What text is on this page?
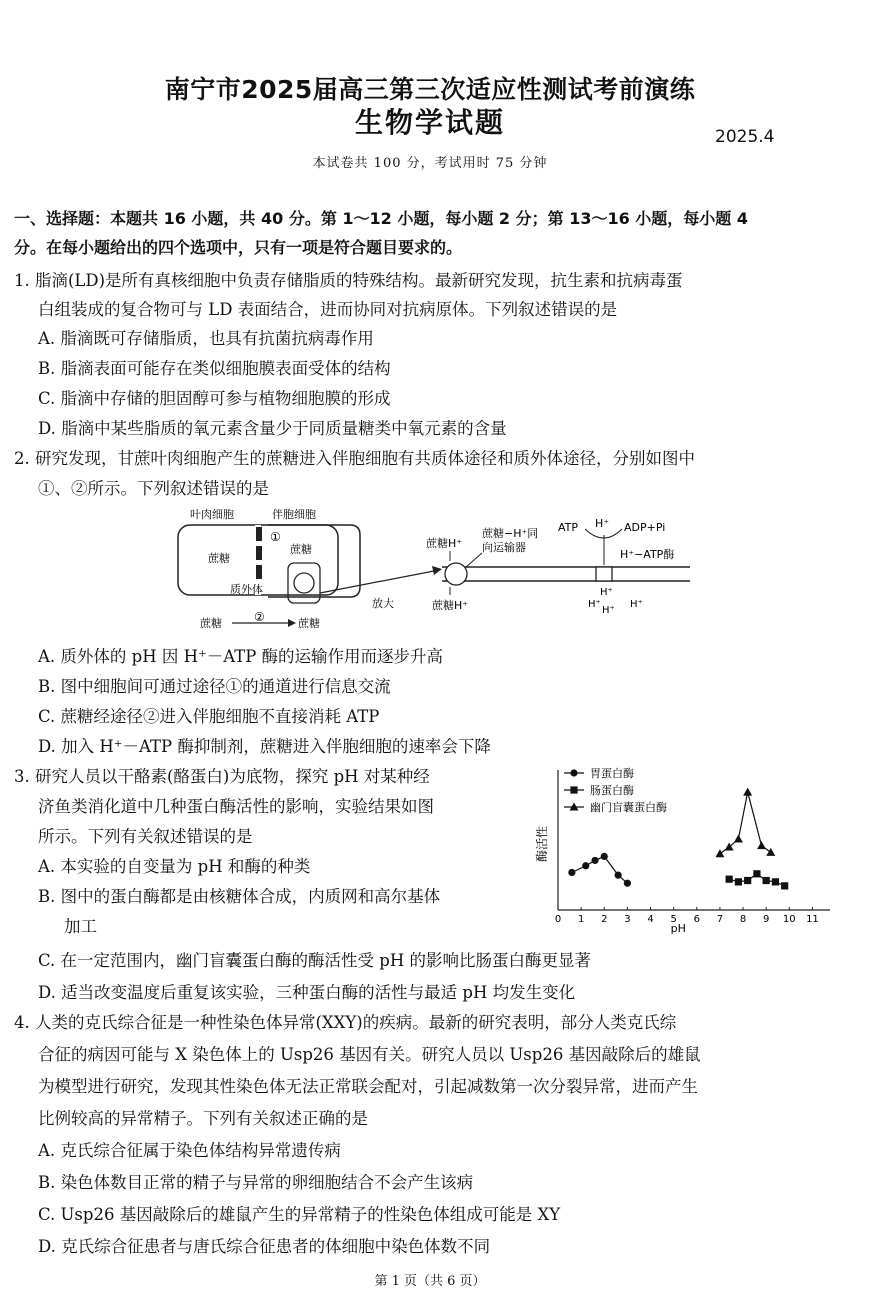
南宁市2025届高三第三次适应性测试考前演练
生物学试题	2025.4
本试卷共 100 分，考试用时 75 分钟
一、选择题：本题共 16 小题，共 40 分。第 1～12 小题，每小题 2 分；第 13～16 小题，每小题 4
分。在每小题给出的四个选项中，只有一项是符合题目要求的。
1. 脂滴(LD)是所有真核细胞中负责存储脂质的特殊结构。最新研究发现，抗生素和抗病毒蛋
白组装成的复合物可与 LD 表面结合，进而协同对抗病原体。下列叙述错误的是
A. 脂滴既可存储脂质，也具有抗菌抗病毒作用
B. 脂滴表面可能存在类似细胞膜表面受体的结构
C. 脂滴中存储的胆固醇可参与植物细胞膜的形成
D. 脂滴中某些脂质的氧元素含量少于同质量糖类中氧元素的含量
2. 研究发现，甘蔗叶肉细胞产生的蔗糖进入伴胞细胞有共质体途径和质外体途径，分别如图中
①、②所示。下列叙述错误的是
叶肉细胞	伴胞细胞
①
蔗糖
蔗糖
质外体
蔗糖	②	蔗糖
放大
蔗糖H⁺
蔗糖H⁺
蔗糖−H⁺同
向运输器
ATP H⁺ ADP+Pi
H⁺−ATP酶
H⁺
H⁺
H⁺
H⁺
A. 质外体的 pH 因 H⁺－ATP 酶的运输作用而逐步升高
B. 图中细胞间可通过途径①的通道进行信息交流
C. 蔗糖经途径②进入伴胞细胞不直接消耗 ATP
D. 加入 H⁺－ATP 酶抑制剂，蔗糖进入伴胞细胞的速率会下降
3. 研究人员以干酪素(酪蛋白)为底物，探究 pH 对某种经
济鱼类消化道中几种蛋白酶活性的影响，实验结果如图
所示。下列有关叙述错误的是
A. 本实验的自变量为 pH 和酶的种类
B. 图中的蛋白酶都是由核糖体合成，内质网和高尔基体
加工
C. 在一定范围内，幽门盲囊蛋白酶的酶活性受 pH 的影响比肠蛋白酶更显著
D. 适当改变温度后重复该实验，三种蛋白酶的活性与最适 pH 均发生变化
酶活性
pH
0 1 2 3 4 5 6 7 8 9 10 11
胃蛋白酶
肠蛋白酶
幽门盲囊蛋白酶
4. 人类的克氏综合征是一种性染色体异常(XXY)的疾病。最新的研究表明，部分人类克氏综
合征的病因可能与 X 染色体上的 Usp26 基因有关。研究人员以 Usp26 基因敲除后的雄鼠
为模型进行研究，发现其性染色体无法正常联会配对，引起减数第一次分裂异常，进而产生
比例较高的异常精子。下列有关叙述正确的是
A. 克氏综合征属于染色体结构异常遗传病
B. 染色体数目正常的精子与异常的卵细胞结合不会产生该病
C. Usp26 基因敲除后的雄鼠产生的异常精子的性染色体组成可能是 XY
D. 克氏综合征患者与唐氏综合征患者的体细胞中染色体数不同
第 1 页（共 6 页）
